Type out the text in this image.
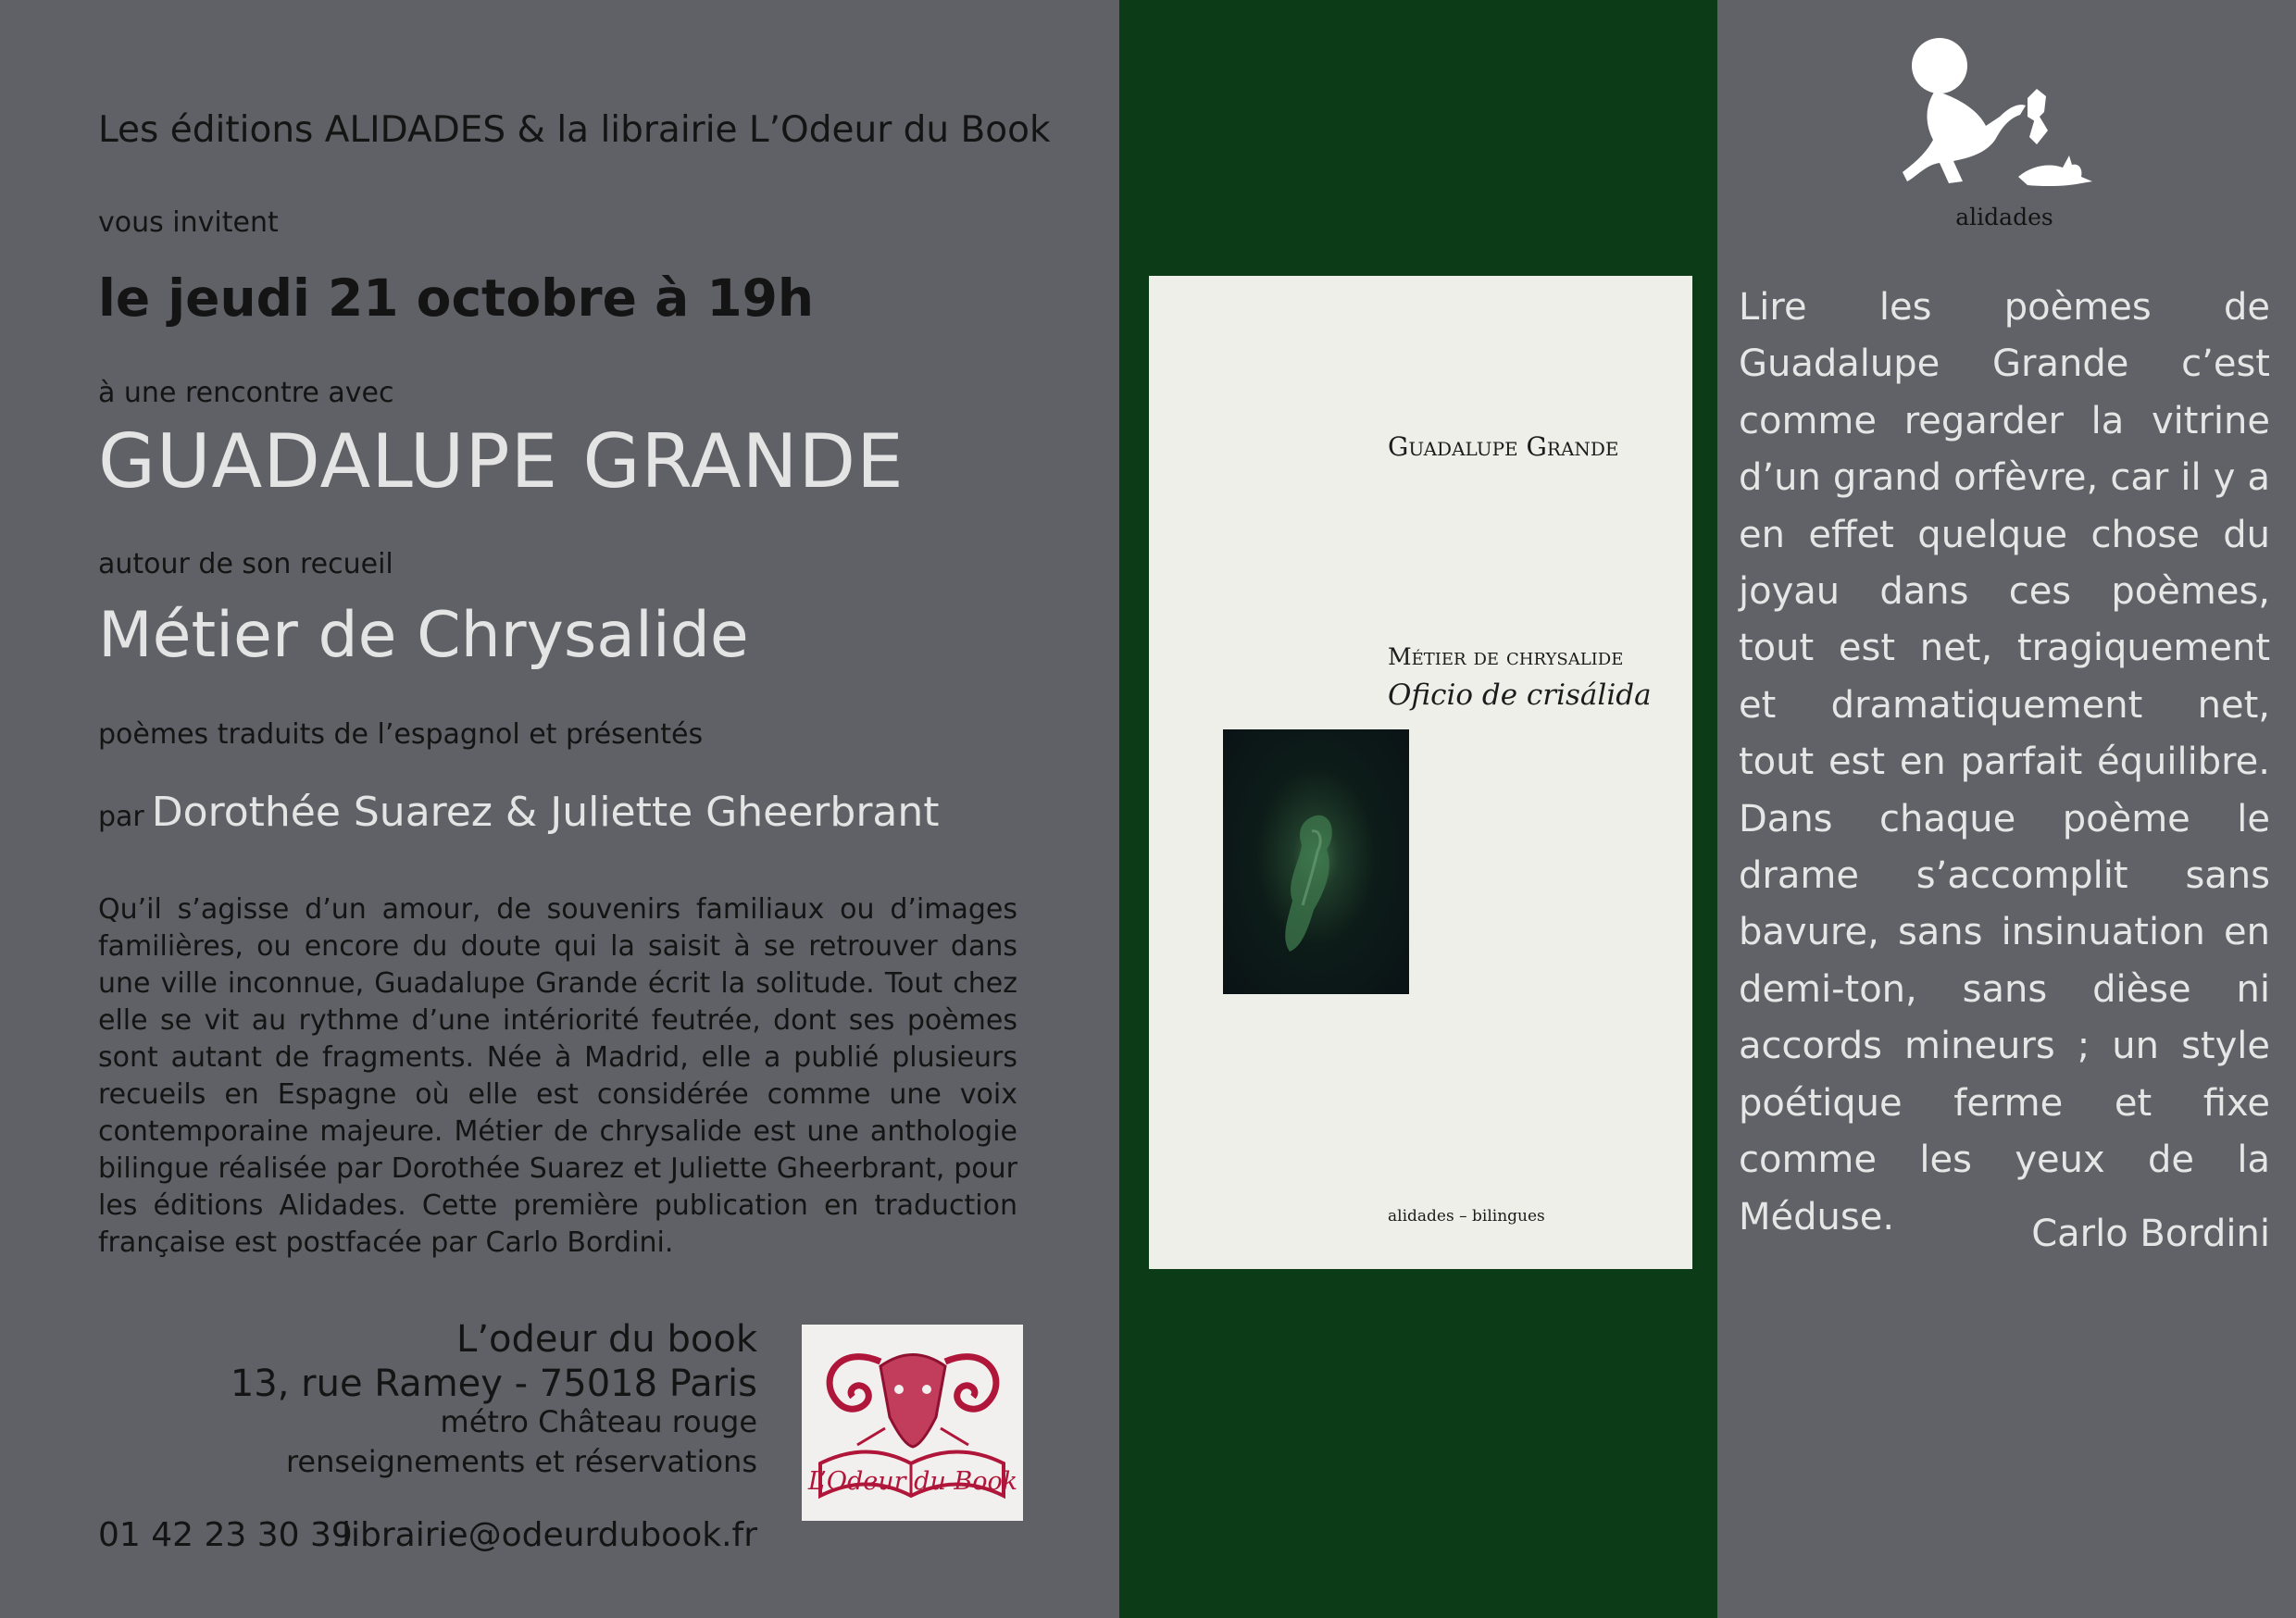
Les éditions ALIDADES & la librairie L’Odeur du Book

vous invitent

le jeudi 21 octobre à 19h

à une rencontre avec

GUADALUPE GRANDE

autour de son recueil

Métier de Chrysalide

poèmes traduits de l’espagnol et présentés

par Dorothée Suarez & Juliette Gheerbrant

Qu’il s’agisse d’un amour, de souvenirs familiaux ou d’images familières, ou encore du doute qui la saisit à se retrouver dans une ville inconnue, Guadalupe Grande écrit la solitude. Tout chez elle se vit au rythme d’une intériorité feutrée, dont ses poèmes sont autant de fragments. Née à Madrid, elle a publié plusieurs recueils en Espagne où elle est considérée comme une voix contemporaine majeure. Métier de chrysalide est une anthologie bilingue réalisée par Dorothée Suarez et Juliette Gheerbrant, pour les éditions Alidades. Cette première publication en traduction française est postfacée par Carlo Bordini.

L’odeur du book

13, rue Ramey - 75018 Paris

métro Château rouge

renseignements et réservations

01 42 23 30 39

librairie@odeurdubook.fr

L’Odeur du Book

Guadalupe Grande

Métier de chrysalide

Oficio de crisálida

alidades – bilingues

alidades

Lire les poèmes de Guadalupe Grande c’est comme regarder la vitrine d’un grand orfèvre, car il y a en effet quelque chose du joyau dans ces poèmes, tout est net, tragiquement et dramatiquement net, tout est en parfait équilibre. Dans chaque poème le drame s’accomplit sans bavure, sans insinuation en demi-ton, sans dièse ni accords mineurs ; un style poétique ferme et fixe comme les yeux de la Méduse.	Carlo Bordini
